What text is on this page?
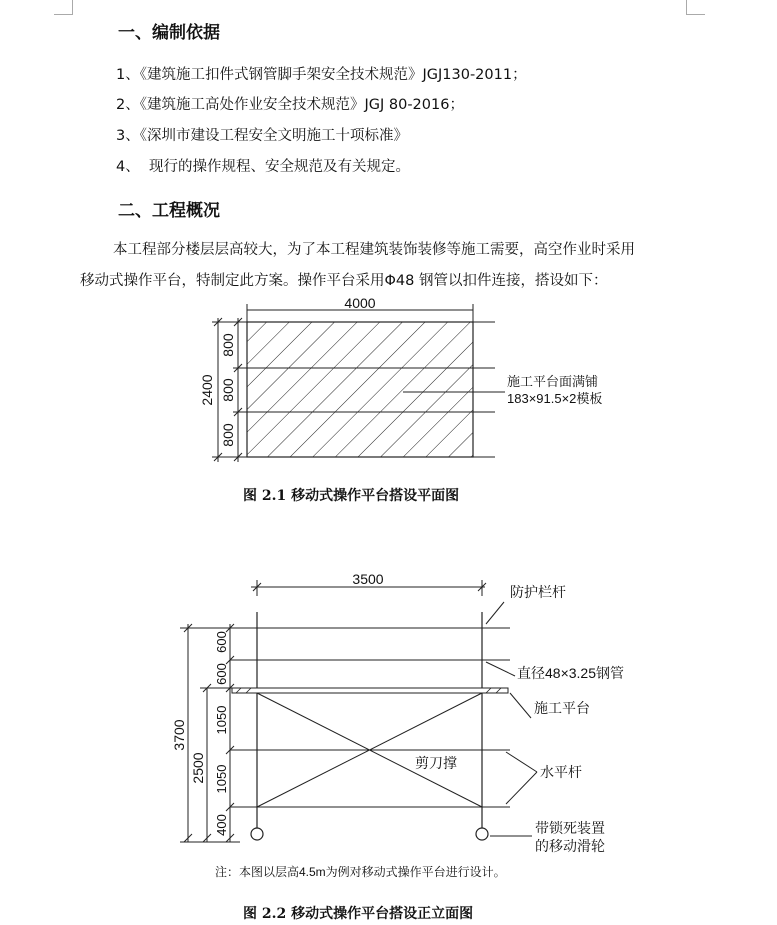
一、编制依据
1、《建筑施工扣件式钢管脚手架安全技术规范》JGJ130-2011；
2、《建筑施工高处作业安全技术规范》JGJ 80-2016；
3、《深圳市建设工程安全文明施工十项标准》
4、  现行的操作规程、安全规范及有关规定。
二、工程概况
本工程部分楼层层高较大，为了本工程建筑装饰装修等施工需要，高空作业时采用
移动式操作平台，特制定此方案。操作平台采用Φ48 钢管以扣件连接，搭设如下：
4000
2400
800
800
800
施工平台面满铺
183×91.5×2模板
图 2.1 移动式操作平台搭设平面图
3500
3700
2500
600
600
1050
1050
400
防护栏杆
直径48×3.25钢管
施工平台
剪刀撑
水平杆
带锁死装置
的移动滑轮
注：本图以层高4.5m为例对移动式操作平台进行设计。
图 2.2 移动式操作平台搭设正立面图
